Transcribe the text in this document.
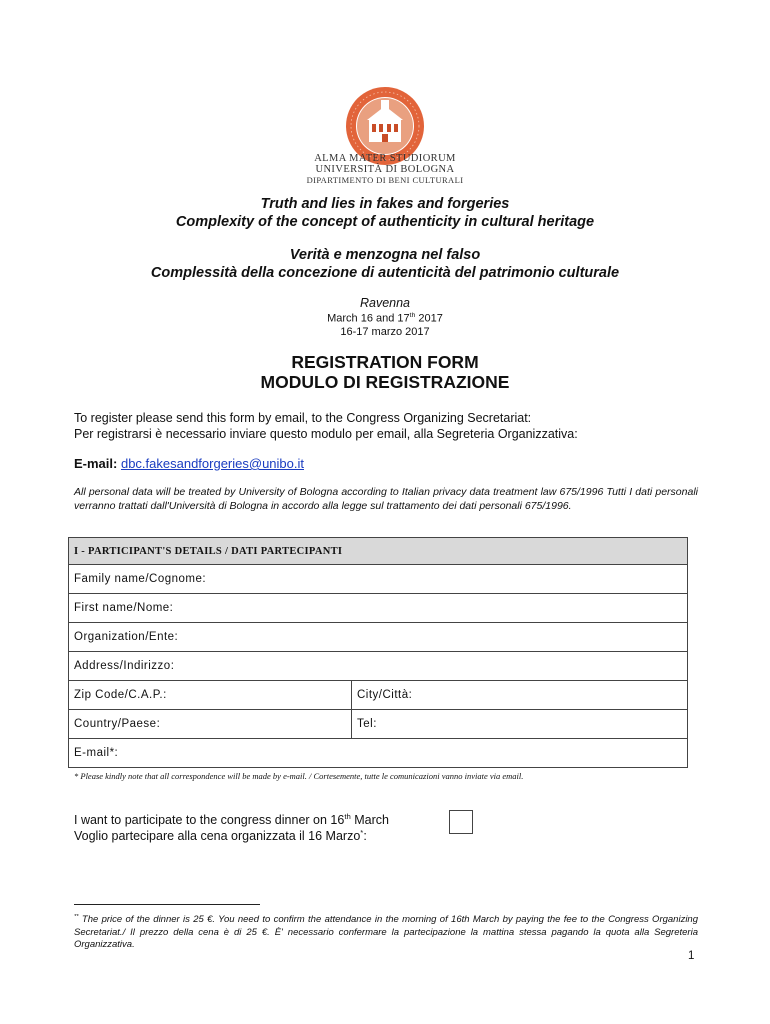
ALMA MATER STUDIORUM
UNIVERSITÀ DI BOLOGNA
DIPARTIMENTO DI BENI CULTURALI
Truth and lies in fakes and forgeries
Complexity of the concept of authenticity in cultural heritage
Verità e menzogna nel falso
Complessità della concezione di autenticità del patrimonio culturale
Ravenna
March 16 and 17th 2017
16-17 marzo 2017
REGISTRATION FORM
MODULO DI REGISTRAZIONE
To register please send this form by email, to the Congress Organizing Secretariat:
Per registrarsi è necessario inviare questo modulo per email, alla Segreteria Organizzativa:
E-mail: dbc.fakesandforgeries@unibo.it
All personal data will be treated by University of Bologna according to Italian privacy data treatment law 675/1996 Tutti I dati personali verranno trattati dall'Università di Bologna in accordo alla legge sul trattamento dei dati personali 675/1996.
I - PARTICIPANT'S DETAILS / DATI PARTECIPANTI	
Family name/Cognome:	
First name/Nome:	
Organization/Ente:	
Address/Indirizzo:	
Zip Code/C.A.P.:	City/Città:
Country/Paese:	Tel:
E-mail*:	
* Please kindly note that all correspondence will be made by e-mail. / Cortesemente, tutte le comunicazioni vanno inviate via email.
I want to participate to the congress dinner on 16th March
Voglio partecipare alla cena organizzata il 16 Marzo*:
** The price of the dinner is 25 €. You need to confirm the attendance in the morning of 16th March by paying the fee to the Congress Organizing Secretariat./ Il prezzo della cena è di 25 €. È' necessario confermare la partecipazione la mattina stessa pagando la quota alla Segreteria Organizzativa.
1
